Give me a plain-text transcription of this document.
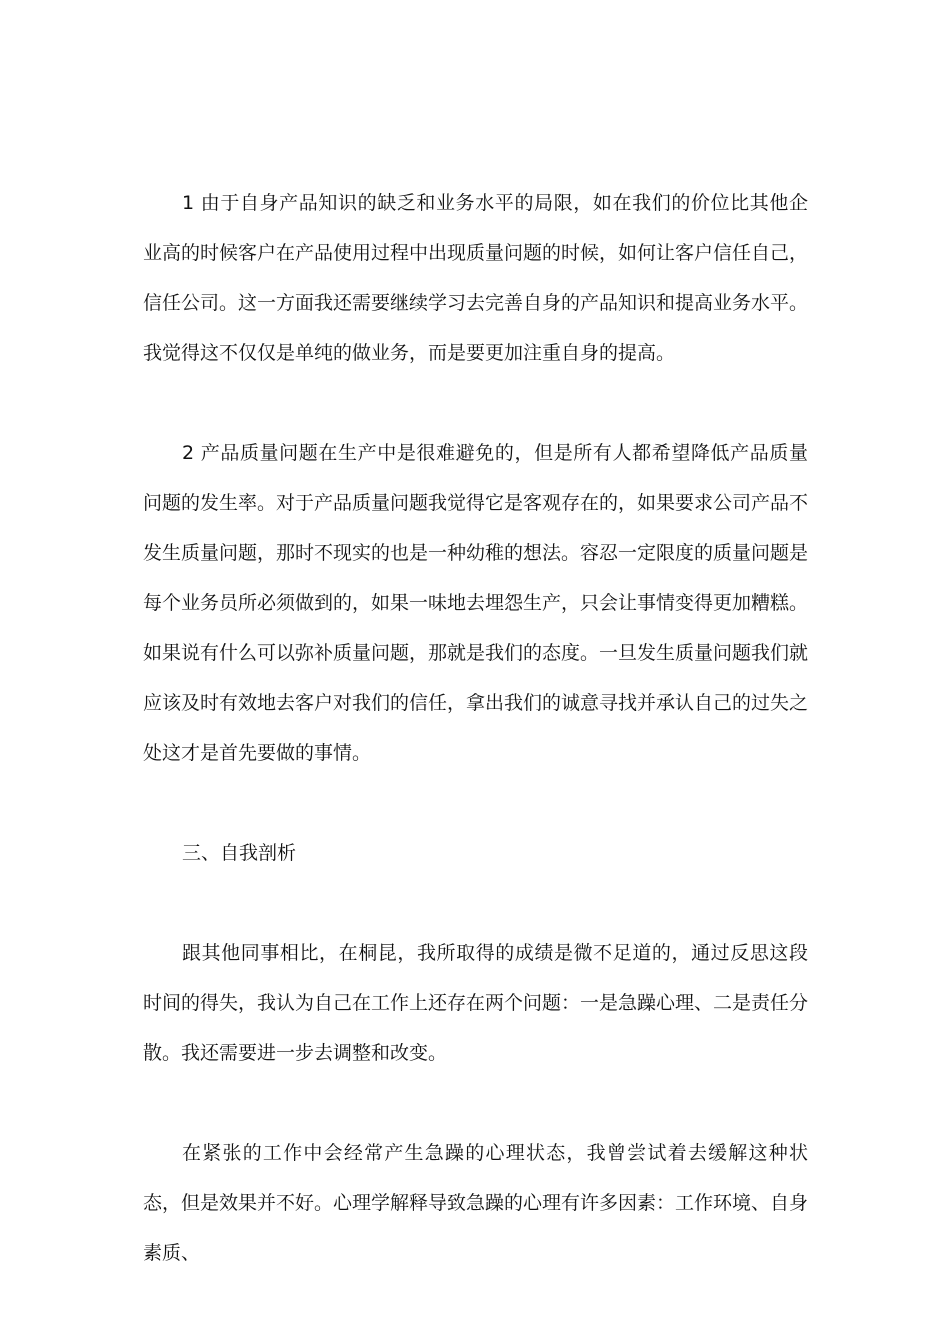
1 由于自身产品知识的缺乏和业务水平的局限，如在我们的价位比其他企业高的时候客户在产品使用过程中出现质量问题的时候，如何让客户信任自己，信任公司。这一方面我还需要继续学习去完善自身的产品知识和提高业务水平。我觉得这不仅仅是单纯的做业务，而是要更加注重自身的提高。

2 产品质量问题在生产中是很难避免的，但是所有人都希望降低产品质量问题的发生率。对于产品质量问题我觉得它是客观存在的，如果要求公司产品不发生质量问题，那时不现实的也是一种幼稚的想法。容忍一定限度的质量问题是每个业务员所必须做到的，如果一味地去埋怨生产，只会让事情变得更加糟糕。如果说有什么可以弥补质量问题，那就是我们的态度。一旦发生质量问题我们就应该及时有效地去客户对我们的信任，拿出我们的诚意寻找并承认自己的过失之处这才是首先要做的事情。

三、自我剖析

跟其他同事相比，在桐昆，我所取得的成绩是微不足道的，通过反思这段时间的得失，我认为自己在工作上还存在两个问题：一是急躁心理、二是责任分散。我还需要进一步去调整和改变。

在紧张的工作中会经常产生急躁的心理状态，我曾尝试着去缓解这种状态，但是效果并不好。心理学解释导致急躁的心理有许多因素：工作环境、自身素质、
